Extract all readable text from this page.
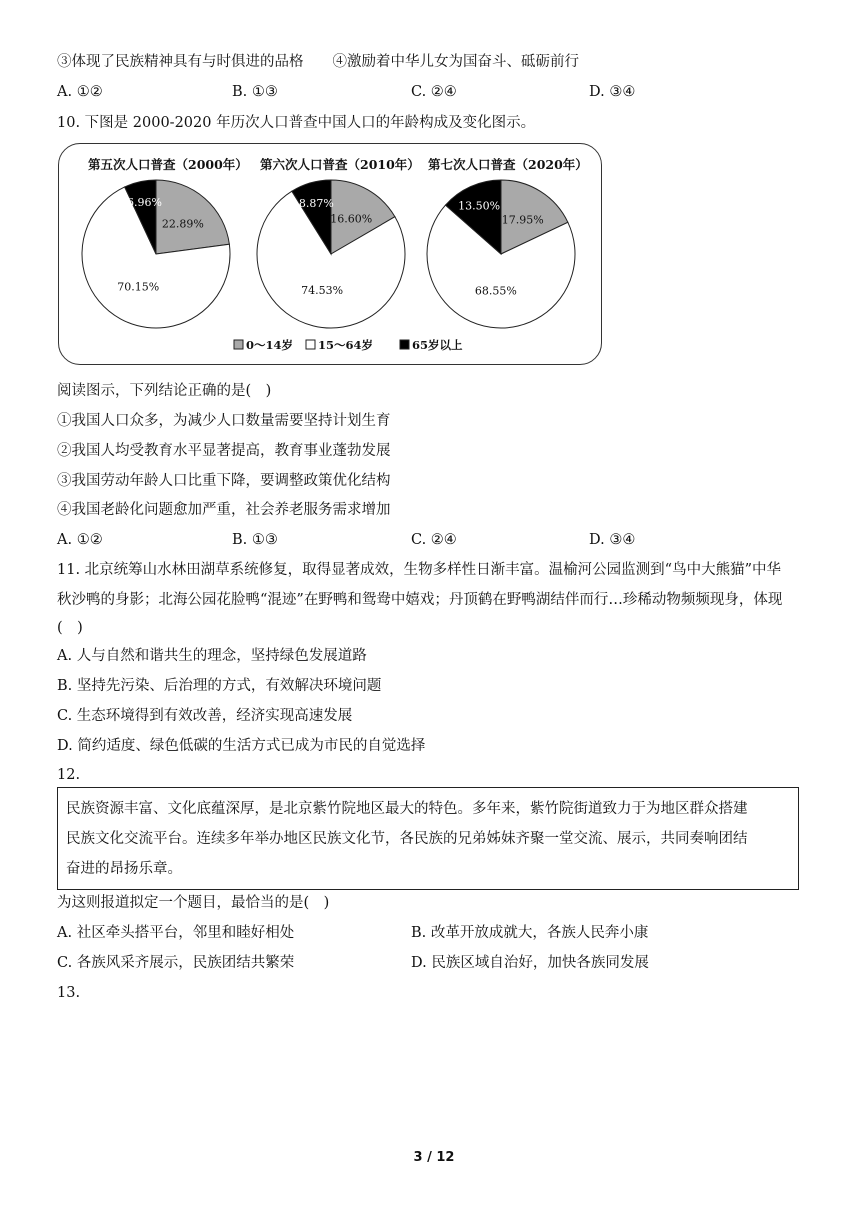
③体现了民族精神具有与时俱进的品格　　④激励着中华儿女为国奋斗、砥砺前行
A. ①②	B. ①③	C. ②④	D. ③④
10. 下图是 2000-2020 年历次人口普查中国人口的年龄构成及变化图示。
第五次人口普查（2000年）
22.89%
70.15%
6.96%
第六次人口普查（2010年）
16.60%
74.53%
8.87%
第七次人口普查（2020年）
17.95%
68.55%
13.50%
0～14岁 15～64岁	65岁以上
阅读图示，下列结论正确的是(　)
①我国人口众多，为减少人口数量需要坚持计划生育
②我国人均受教育水平显著提高，教育事业蓬勃发展
③我国劳动年龄人口比重下降，要调整政策优化结构
④我国老龄化问题愈加严重，社会养老服务需求增加
A. ①②	B. ①③	C. ②④	D. ③④
11. 北京统筹山水林田湖草系统修复，取得显著成效，生物多样性日渐丰富。温榆河公园监测到“鸟中大熊猫”中华
秋沙鸭的身影；北海公园花脸鸭“混迹”在野鸭和鸳鸯中嬉戏；丹顶鹤在野鸭湖结伴而行…珍稀动物频频现身，体现
(　)
A. 人与自然和谐共生的理念，坚持绿色发展道路
B. 坚持先污染、后治理的方式，有效解决环境问题
C. 生态环境得到有效改善，经济实现高速发展
D. 简约适度、绿色低碳的生活方式已成为市民的自觉选择
12.

民族资源丰富、文化底蕴深厚，是北京紫竹院地区最大的特色。多年来，紫竹院街道致力于为地区群众搭建

民族文化交流平台。连续多年举办地区民族文化节，各民族的兄弟姊妹齐聚一堂交流、展示，共同奏响团结

奋进的昂扬乐章。

为这则报道拟定一个题目，最恰当的是(　)
A. 社区牵头搭平台，邻里和睦好相处	B. 改革开放成就大，各族人民奔小康
C. 各族风采齐展示，民族团结共繁荣	D. 民族区域自治好，加快各族同发展
13.
3 / 12
